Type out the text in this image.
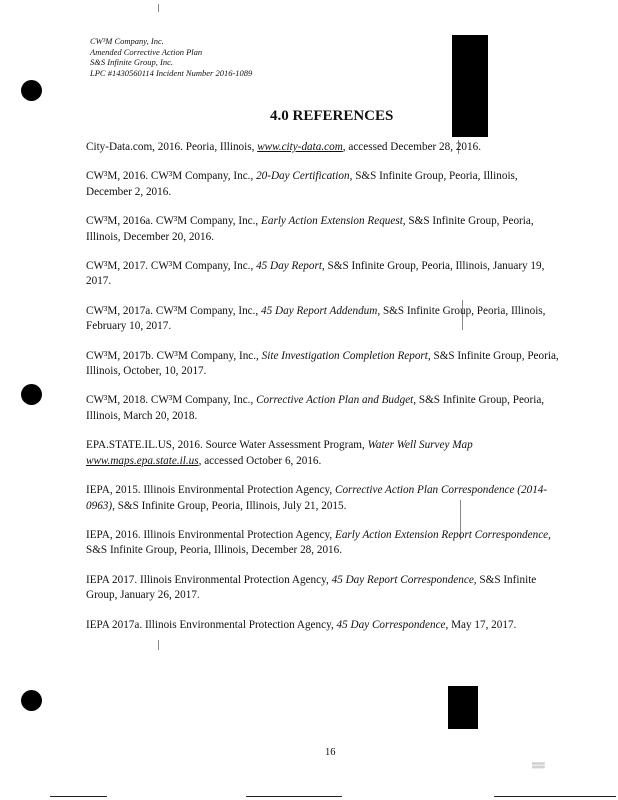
CW³M Company, Inc.
Amended Corrective Action Plan
S&S Infinite Group, Inc.
LPC #1430560114 Incident Number 2016-1089
4.0 REFERENCES
City-Data.com, 2016. Peoria, Illinois, www.city-data.com, accessed December 28, 2016.
CW³M, 2016. CW³M Company, Inc., 20-Day Certification, S&S Infinite Group, Peoria, Illinois, December 2, 2016.
CW³M, 2016a. CW³M Company, Inc., Early Action Extension Request, S&S Infinite Group, Peoria, Illinois, December 20, 2016.
CW³M, 2017. CW³M Company, Inc., 45 Day Report, S&S Infinite Group, Peoria, Illinois, January 19, 2017.
CW³M, 2017a. CW³M Company, Inc., 45 Day Report Addendum, S&S Infinite Group, Peoria, Illinois, February 10, 2017.
CW³M, 2017b. CW³M Company, Inc., Site Investigation Completion Report, S&S Infinite Group, Peoria, Illinois, October, 10, 2017.
CW³M, 2018. CW³M Company, Inc., Corrective Action Plan and Budget, S&S Infinite Group, Peoria, Illinois, March 20, 2018.
EPA.STATE.IL.US, 2016. Source Water Assessment Program, Water Well Survey Map www.maps.epa.state.il.us, accessed October 6, 2016.
IEPA, 2015. Illinois Environmental Protection Agency, Corrective Action Plan Correspondence (2014-0963), S&S Infinite Group, Peoria, Illinois, July 21, 2015.
IEPA, 2016. Illinois Environmental Protection Agency, Early Action Extension Report Correspondence, S&S Infinite Group, Peoria, Illinois, December 28, 2016.
IEPA 2017. Illinois Environmental Protection Agency, 45 Day Report Correspondence, S&S Infinite Group, January 26, 2017.
IEPA 2017a. Illinois Environmental Protection Agency, 45 Day Correspondence, May 17, 2017.
16
▒▒▒
